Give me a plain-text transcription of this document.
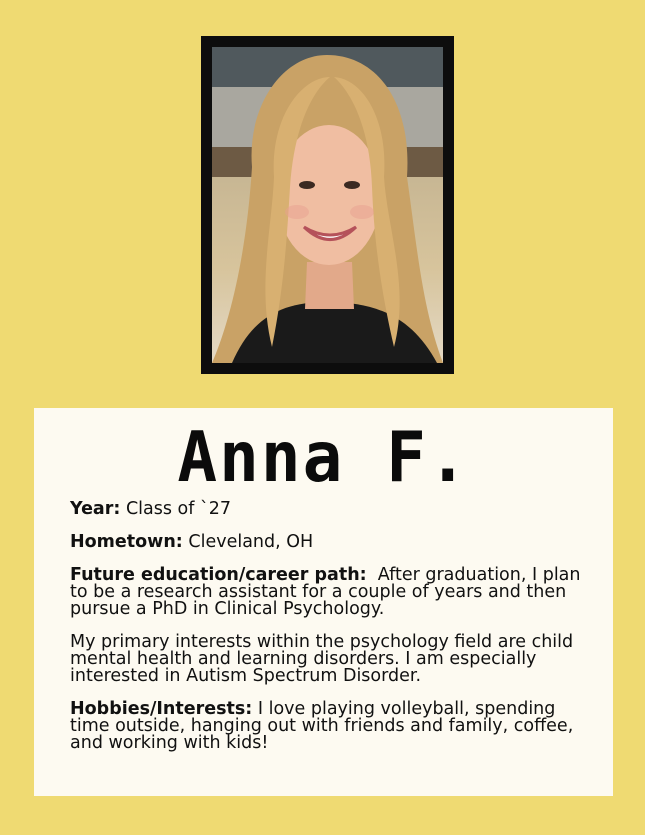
Anna F.

Year: Class of `27

Hometown: Cleveland, OH

Future education/career path:  After graduation, I plan to be a research assistant for a couple of years and then pursue a PhD in Clinical Psychology.

My primary interests within the psychology field are child mental health and learning disorders. I am especially interested in Autism Spectrum Disorder.

Hobbies/Interests: I love playing volleyball, spending time outside, hanging out with friends and family, coffee, and working with kids!
